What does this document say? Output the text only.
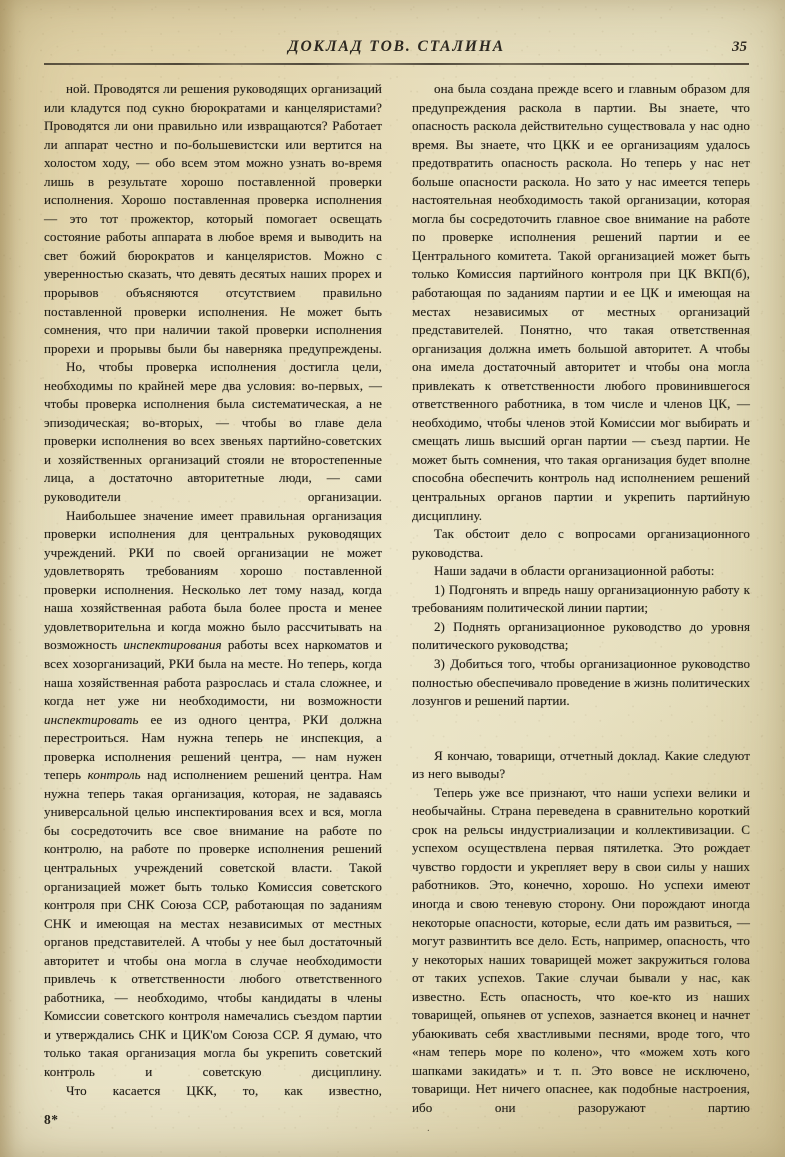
ДОКЛАД ТОВ. СТАЛИНА	35

ной. Проводятся ли решения руководящих организаций или кладутся под сукно бюрократами и канцеляристами? Проводятся ли они правильно или извращаются? Работает ли аппарат честно и по-большевистски или вертится на холостом ходу, — обо всем этом можно узнать во-время лишь в результате хорошо поставленной проверки исполнения. Хорошо поставленная проверка исполнения — это тот прожектор, который помогает освещать состояние работы аппарата в любое время и выводить на свет божий бюрократов и канцеляристов. Можно с уверенностью сказать, что девять десятых наших прорех и прорывов объясняются отсутствием правильно поставленной проверки исполнения. Не может быть сомнения, что при наличии такой проверки исполнения прорехи и прорывы были бы наверняка предупреждены.

Но, чтобы проверка исполнения достигла цели, необходимы по крайней мере два условия: во-первых, — чтобы проверка исполнения была систематическая, а не эпизодическая; во-вторых, — чтобы во главе дела проверки исполнения во всех звеньях партийно-советских и хозяйственных организаций стояли не второстепенные лица, а достаточно авторитетные люди, — сами руководители организации.

Наибольшее значение имеет правильная организация проверки исполнения для центральных руководящих учреждений. РКИ по своей организации не может удовлетворять требованиям хорошо поставленной проверки исполнения. Несколько лет тому назад, когда наша хозяйственная работа была более проста и менее удовлетворительна и когда можно было рассчитывать на возможность инспектирования работы всех наркоматов и всех хозорганизаций, РКИ была на месте. Но теперь, когда наша хозяйственная работа разрослась и стала сложнее, и когда нет уже ни необходимости, ни возможности инспектировать ее из одного центра, РКИ должна перестроиться. Нам нужна теперь не инспекция, а проверка исполнения решений центра, — нам нужен теперь контроль над исполнением решений центра. Нам нужна теперь такая организация, которая, не задаваясь универсальной целью инспектирования всех и вся, могла бы сосредоточить все свое внимание на работе по контролю, на работе по проверке исполнения решений центральных учреждений советской власти. Такой организацией может быть только Комиссия советского контроля при СНК Союза ССР, работающая по заданиям СНК и имеющая на местах независимых от местных органов представителей. А чтобы у нее был достаточный авторитет и чтобы она могла в случае необходимости привлечь к ответственности любого ответственного работника, — необходимо, чтобы кандидаты в члены Комиссии советского контроля намечались съездом партии и утверждались СНК и ЦИК'ом Союза ССР. Я думаю, что только такая организация могла бы укрепить советский контроль и советскую дисциплину.

Что касается ЦКК, то, как известно,

она была создана прежде всего и главным образом для предупреждения раскола в партии. Вы знаете, что опасность раскола действительно существовала у нас одно время. Вы знаете, что ЦКК и ее организациям удалось предотвратить опасность раскола. Но теперь у нас нет больше опасности раскола. Но зато у нас имеется теперь настоятельная необходимость такой организации, которая могла бы сосредоточить главное свое внимание на работе по проверке исполнения решений партии и ее Центрального комитета. Такой организацией может быть только Комиссия партийного контроля при ЦК ВКП(б), работающая по заданиям партии и ее ЦК и имеющая на местах независимых от местных организаций представителей. Понятно, что такая ответственная организация должна иметь большой авторитет. А чтобы она имела достаточный авторитет и чтобы она могла привлекать к ответственности любого провинившегося ответственного работника, в том числе и членов ЦК, — необходимо, чтобы членов этой Комиссии мог выбирать и смещать лишь высший орган партии — съезд партии. Не может быть сомнения, что такая организация будет вполне способна обеспечить контроль над исполнением решений центральных органов партии и укрепить партийную дисциплину.

Так обстоит дело с вопросами организационного руководства.

Наши задачи в области организационной работы:

1) Подгонять и впредь нашу организационную работу к требованиям политической линии партии;

2) Поднять организационное руководство до уровня политического руководства;

3) Добиться того, чтобы организационное руководство полностью обеспечивало проведение в жизнь политических лозунгов и решений партии.

Я кончаю, товарищи, отчетный доклад. Какие следуют из него выводы?

Теперь уже все признают, что наши успехи велики и необычайны. Страна переведена в сравнительно короткий срок на рельсы индустриализации и коллективизации. С успехом осуществлена первая пятилетка. Это рождает чувство гордости и укрепляет веру в свои силы у наших работников. Это, конечно, хорошо. Но успехи имеют иногда и свою теневую сторону. Они порождают иногда некоторые опасности, которые, если дать им развиться, — могут развинтить все дело. Есть, например, опасность, что у некоторых наших товарищей может закружиться голова от таких успехов. Такие случаи бывали у нас, как известно. Есть опасность, что кое-кто из наших товарищей, опьянев от успехов, зазнается вконец и начнет убаюкивать себя хвастливыми песнями, вроде того, что «нам теперь море по колено», что «можем хоть кого шапками закидать» и т. п. Это вовсе не исключено, товарищи. Нет ничего опаснее, как подобные настроения, ибо они разоружают партию

8*
.
